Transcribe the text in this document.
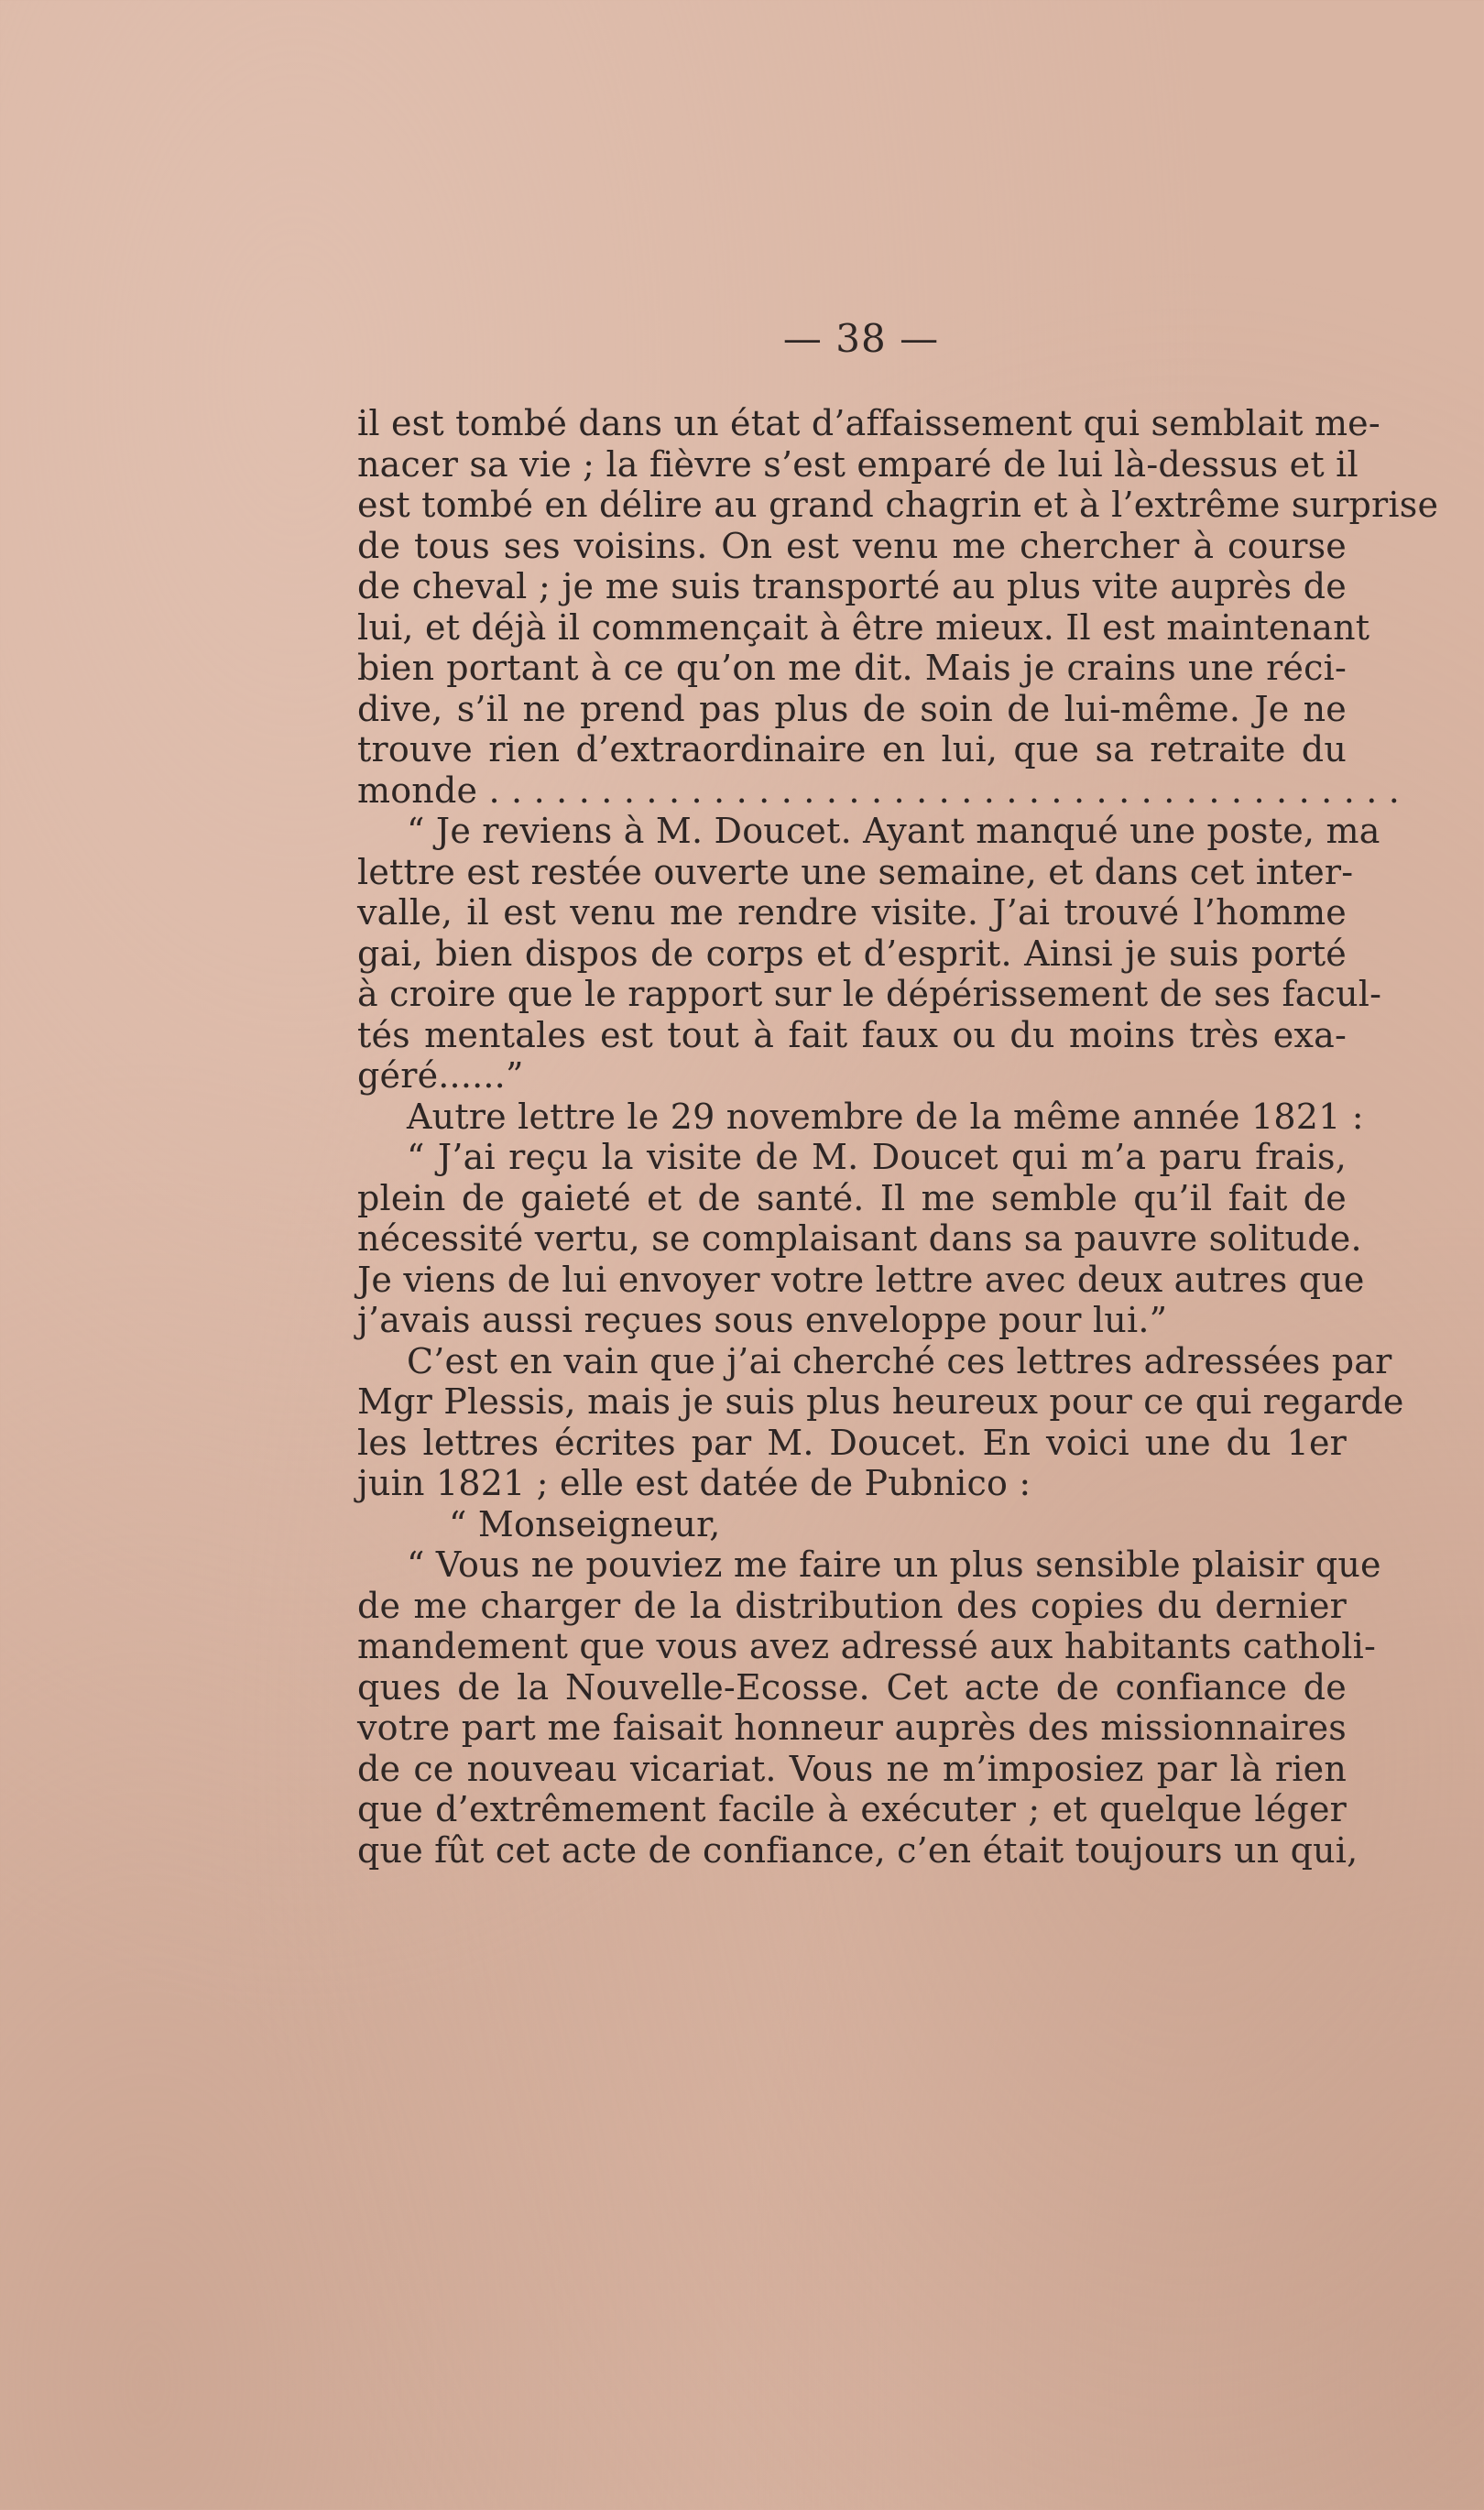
— 38 —
il est tombé dans un état d’affaissement qui semblait me-
nacer sa vie ; la fièvre s’est emparé de lui là-dessus et il
est tombé en délire au grand chagrin et à l’extrême surprise
de tous ses voisins. On est venu me chercher à course
de cheval ; je me suis transporté au plus vite auprès de
lui, et déjà il commençait à être mieux. Il est maintenant
bien portant à ce qu’on me dit. Mais je crains une réci-
dive, s’il ne prend pas plus de soin de lui-même. Je ne
trouve rien d’extraordinaire en lui, que sa retraite du
monde . . . . . . . . . . . . . . . . . . . . . . . . . . . . . . . . . . . . . . . . .
“ Je reviens à M. Doucet. Ayant manqué une poste, ma
lettre est restée ouverte une semaine, et dans cet inter-
valle, il est venu me rendre visite. J’ai trouvé l’homme
gai, bien dispos de corps et d’esprit. Ainsi je suis porté
à croire que le rapport sur le dépérissement de ses facul-
tés mentales est tout à fait faux ou du moins très exa-
géré......”
Autre lettre le 29 novembre de la même année 1821 :
“ J’ai reçu la visite de M. Doucet qui m’a paru frais,
plein de gaieté et de santé. Il me semble qu’il fait de
nécessité vertu, se complaisant dans sa pauvre solitude.
Je viens de lui envoyer votre lettre avec deux autres que
j’avais aussi reçues sous enveloppe pour lui.”
C’est en vain que j’ai cherché ces lettres adressées par
Mgr Plessis, mais je suis plus heureux pour ce qui regarde
les lettres écrites par M. Doucet. En voici une du 1er
juin 1821 ; elle est datée de Pubnico :
“ Monseigneur,
“ Vous ne pouviez me faire un plus sensible plaisir que
de me charger de la distribution des copies du dernier
mandement que vous avez adressé aux habitants catholi-
ques de la Nouvelle-Ecosse. Cet acte de confiance de
votre part me faisait honneur auprès des missionnaires
de ce nouveau vicariat. Vous ne m’imposiez par là rien
que d’extrêmement facile à exécuter ; et quelque léger
que fût cet acte de confiance, c’en était toujours un qui,
